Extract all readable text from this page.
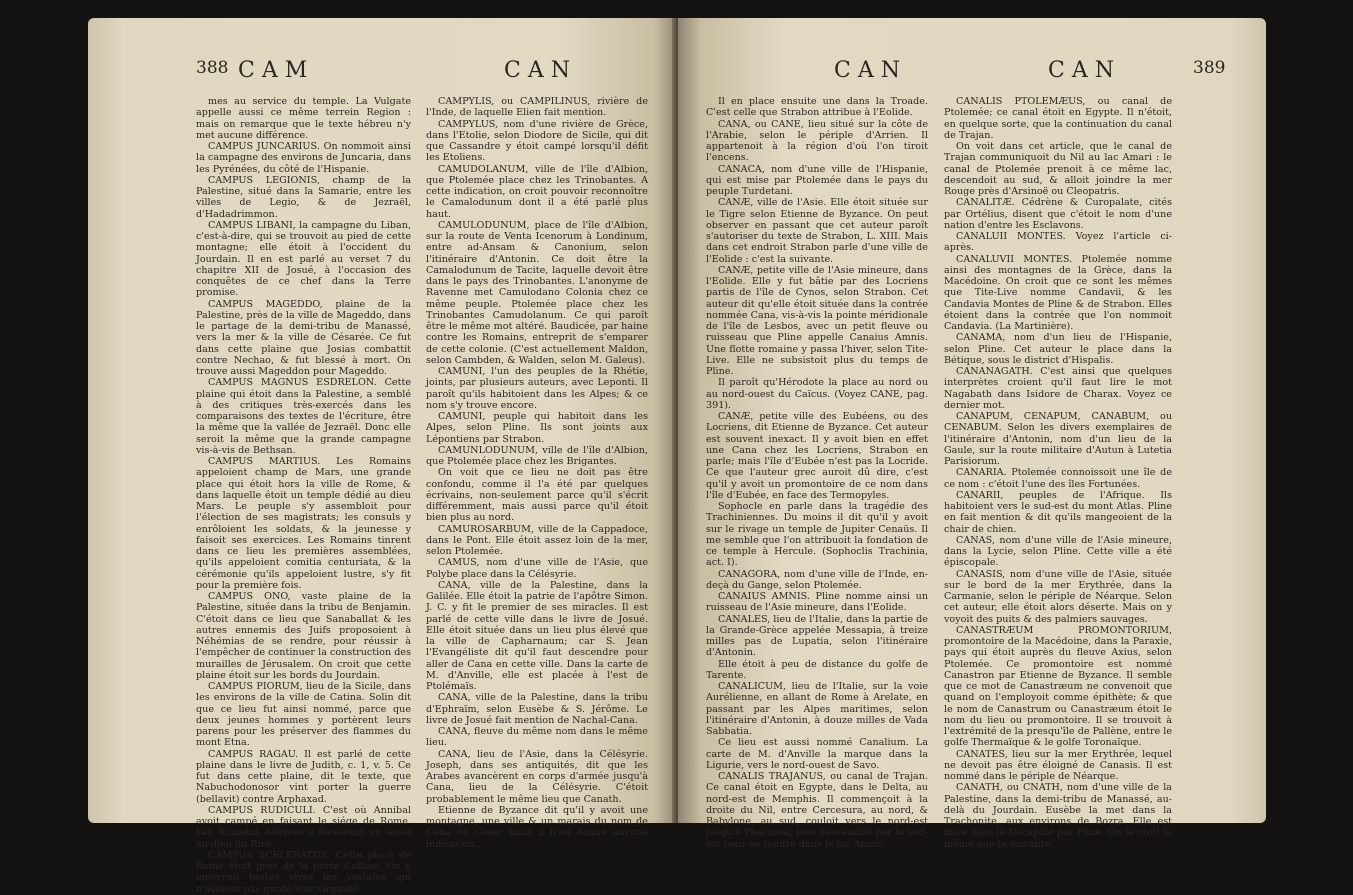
388 CAM	CAN

mes au service du temple. La Vulgate appelle aussi ce même terrein Region : mais on remarque que le texte hébreu n'y met aucune différence.

CAMPUS JUNCARIUS. On nommoit ainsi la campagne des environs de Juncaria, dans les Pyrénées, du côté de l'Hispanie.

CAMPUS LEGIONIS, champ de la Palestine, situé dans la Samarie, entre les villes de Legio, & de Jezraël, d'Hadadrimmon.

CAMPUS LIBANI, la campagne du Liban, c'est-à-dire, qui se trouvoit au pied de cette montagne; elle étoit à l'occident du Jourdain. Il en est parlé au verset 7 du chapitre XII de Josué, à l'occasion des conquêtes de ce chef dans la Terre promise.

CAMPUS MAGEDDO, plaine de la Palestine, près de la ville de Mageddo, dans le partage de la demi-tribu de Manassé, vers la mer & la ville de Césarée. Ce fut dans cette plaine que Josias combattit contre Nechao, & fut blessé à mort. On trouve aussi Mageddon pour Mageddo.

CAMPUS MAGNUS ESDRELON. Cette plaine qui étoit dans la Palestine, a semblé à des critiques très-exercés dans les comparaisons des textes de l'écriture, être la même que la vallée de Jezraël. Donc elle seroit la même que la grande campagne vis-à-vis de Bethsan.

CAMPUS MARTIUS. Les Romains appeloient champ de Mars, une grande place qui étoit hors la ville de Rome, & dans laquelle étoit un temple dédié au dieu Mars. Le peuple s'y assembloit pour l'élection de ses magistrats; les consuls y enrôloient les soldats, & la jeunesse y faisoit ses exercices. Les Romains tinrent dans ce lieu les premières assemblées, qu'ils appeloient comitia centuriata, & la cérémonie qu'ils appeloient lustre, s'y fit pour la première fois.

CAMPUS ONO, vaste plaine de la Palestine, située dans la tribu de Benjamin. C'étoit dans ce lieu que Sanaballat & les autres ennemis des Juifs proposoient à Néhémias de se rendre, pour réussir à l'empêcher de continuer la construction des murailles de Jérusalem. On croit que cette plaine étoit sur les bords du Jourdain.

CAMPUS PIORUM, lieu de la Sicile, dans les environs de la ville de Catina. Solin dit que ce lieu fut ainsi nommé, parce que deux jeunes hommes y portèrent leurs parens pour les préserver des flammes du mont Etna.

CAMPUS RAGAU. Il est parlé de cette plaine dans le livre de Judith, c. 1, v. 5. Ce fut dans cette plaine, dit le texte, que Nabuchodonosor vint porter la guerre (bellavit) contre Arphaxad.

CAMPUS RUDICULI. C'est où Annibal avoit campé en faisant le siége de Rome. Les Romains délivrés y élevèrent un autel au dieu du Rire.

CAMPUS SCELERATUS. Cette place de Rome étoit près de la porte Colline. On y enterroit toutes vives les vestales qui n'avoient pas gardé leur virginité.

CAMPYLIS, ou CAMPILINUS, rivière de l'Inde, de laquelle Elien fait mention.

CAMPYLUS, nom d'une rivière de Grèce, dans l'Etolie, selon Diodore de Sicile, qui dit que Cassandre y étoit campé lorsqu'il défit les Etoliens.

CAMUDOLANUM, ville de l'île d'Albion, que Ptolemée place chez les Trinobantes. A cette indication, on croit pouvoir reconnoître le Camalodunum dont il a été parlé plus haut.

CAMULODUNUM, place de l'île d'Albion, sur la route de Venta Icenorum à Londinum, entre ad-Ansam & Canonium, selon l'itinéraire d'Antonin. Ce doit être la Camalodunum de Tacite, laquelle devoit être dans le pays des Trinobantes. L'anonyme de Ravenne met Camulodano Colonia chez ce même peuple. Ptolemée place chez les Trinobantes Camudolanum. Ce qui paroît être le même mot altéré. Baudicée, par haine contre les Romains, entreprit de s'emparer de cette colonie. (C'est actuellement Maldon, selon Cambden, & Walden, selon M. Galeus).

CAMUNI, l'un des peuples de la Rhétie, joints, par plusieurs auteurs, avec Leponti. Il paroît qu'ils habitoient dans les Alpes; & ce nom s'y trouve encore.

CAMUNI, peuple qui habitoit dans les Alpes, selon Pline. Ils sont joints aux Lépontiens par Strabon.

CAMUNLODUNUM, ville de l'île d'Albion, que Ptolemée place chez les Brigantes.

On voit que ce lieu ne doit pas être confondu, comme il l'a été par quelques écrivains, non-seulement parce qu'il s'écrit différemment, mais aussi parce qu'il étoit bien plus au nord.

CAMUROSARBUM, ville de la Cappadoce, dans le Pont. Elle étoit assez loin de la mer, selon Ptolemée.

CAMUS, nom d'une ville de l'Asie, que Polybe place dans la Célésyrie.

CANA, ville de la Palestine, dans la Galilée. Elle étoit la patrie de l'apôtre Simon. J. C. y fit le premier de ses miracles. Il est parlé de cette ville dans le livre de Josué. Elle étoit située dans un lieu plus élevé que la ville de Capharnaum; car S. Jean l'Evangéliste dit qu'il faut descendre pour aller de Cana en cette ville. Dans la carte de M. d'Anville, elle est placée à l'est de Ptolémaïs.

CANA, ville de la Palestine, dans la tribu d'Ephraïm, selon Eusèbe & S. Jérôme. Le livre de Josué fait mention de Nachal-Cana.

CANA, fleuve du même nom dans le même lieu.

CANA, lieu de l'Asie, dans la Célésyrie. Joseph, dans ses antiquités, dit que les Arabes avancèrent en corps d'armée jusqu'à Cana, lieu de la Célésyrie. C'étoit probablement le même lieu que Canath.

Etienne de Byzance dit qu'il y avoit une montagne, une ville & un marais du nom de Cana ou Cane; mais il n'en donne aucune indication.

CAN	CAN	389

Il en place ensuite une dans la Troade. C'est celle que Strabon attribue à l'Eolide.

CANA, ou CANE, lieu situé sur la côte de l'Arabie, selon le périple d'Arrien. Il appartenoit à la région d'où l'on tiroit l'encens.

CANACA, nom d'une ville de l'Hispanie, qui est mise par Ptolemée dans le pays du peuple Turdetani.

CANÆ, ville de l'Asie. Elle étoit située sur le Tigre selon Etienne de Byzance. On peut observer en passant que cet auteur paroît s'autoriser du texte de Strabon, L. XIII. Mais dans cet endroit Strabon parle d'une ville de l'Eolide : c'est la suivante.

CANÆ, petite ville de l'Asie mineure, dans l'Eolide. Elle y fut bâtie par des Locriens partis de l'île de Cynos, selon Strabon. Cet auteur dit qu'elle étoit située dans la contrée nommée Cana, vis-à-vis la pointe méridionale de l'île de Lesbos, avec un petit fleuve ou ruisseau que Pline appelle Canaius Amnis. Une flotte romaine y passa l'hiver, selon Tite-Live. Elle ne subsistoit plus du temps de Pline.

Il paroît qu'Hérodote la place au nord ou au nord-ouest du Caïcus. (Voyez CANE, pag. 391).

CANÆ, petite ville des Eubéens, ou des Locriens, dit Etienne de Byzance. Cet auteur est souvent inexact. Il y avoit bien en effet une Cana chez les Locriens, Strabon en parle; mais l'île d'Eubée n'est pas la Locride. Ce que l'auteur grec auroit dû dire, c'est qu'il y avoit un promontoire de ce nom dans l'île d'Eubée, en face des Termopyles.

Sophocle en parle dans la tragédie des Trachiniennes. Du moins il dit qu'il y avoit sur le rivage un temple de Jupiter Cenaüs. Il me semble que l'on attribuoit la fondation de ce temple à Hercule. (Sophoclis Trachinia, act. I).

CANAGORA, nom d'une ville de l'Inde, en-deçà du Gange, selon Ptolemée.

CANAIUS AMNIS. Pline nomme ainsi un ruisseau de l'Asie mineure, dans l'Eolide.

CANALES, lieu de l'Italie, dans la partie de la Grande-Grèce appelée Messapia, à treize milles pas de Lupatia, selon l'itinéraire d'Antonin.

Elle étoit à peu de distance du golfe de Tarente.

CANALICUM, lieu de l'Italie, sur la voie Aurélienne, en allant de Rome à Arelate, en passant par les Alpes maritimes, selon l'itinéraire d'Antonin, à douze milles de Vada Sabbatia.

Ce lieu est aussi nommé Canalium. La carte de M. d'Anville la marque dans la Ligurie, vers le nord-ouest de Savo.

CANALIS TRAJANUS, ou canal de Trajan. Ce canal étoit en Egypte, dans le Delta, au nord-est de Memphis. Il commençoit à la droite du Nil, entre Cercesura, au nord, & Babylone, au sud, couloit vers le nord-est jusqu'à Phacussa, puis descendoit par le sud-est pour se rendre dans le lac Amari.

CANALIS PTOLEMÆUS, ou canal de Ptolemée; ce canal étoit en Egypte. Il n'étoit, en quelque sorte, que la continuation du canal de Trajan.

On voit dans cet article, que le canal de Trajan communiquoit du Nil au lac Amari : le canal de Ptolemée prenoit à ce même lac, descendoit au sud, & alloit joindre la mer Rouge près d'Arsinoë ou Cleopatris.

CANALITÆ. Cédrène & Curopalate, cités par Ortélius, disent que c'étoit le nom d'une nation d'entre les Esclavons.

CANALUII MONTES. Voyez l'article ci-après.

CANALUVII MONTES. Ptolemée nomme ainsi des montagnes de la Grèce, dans la Macédoine. On croit que ce sont les mêmes que Tite-Live nomme Candavii, & les Candavia Montes de Pline & de Strabon. Elles étoient dans la contrée que l'on nommoit Candavia. (La Martinière).

CANAMA, nom d'un lieu de l'Hispanie, selon Pline. Cet auteur le place dans la Bétique, sous le district d'Hispalis.

CANANAGATH. C'est ainsi que quelques interprètes croient qu'il faut lire le mot Nagabath dans Isidore de Charax. Voyez ce dernier mot.

CANAPUM, CENAPUM, CANABUM, ou CENABUM. Selon les divers exemplaires de l'itinéraire d'Antonin, nom d'un lieu de la Gaule, sur la route militaire d'Autun à Lutetia Parisiorum.

CANARIA. Ptolemée connoissoit une île de ce nom : c'étoit l'une des îles Fortunées.

CANARII, peuples de l'Afrique. Ils habitoient vers le sud-est du mont Atlas. Pline en fait mention & dit qu'ils mangeoient de la chair de chien.

CANAS, nom d'une ville de l'Asie mineure, dans la Lycie, selon Pline. Cette ville a été épiscopale.

CANASIS, nom d'une ville de l'Asie, située sur le bord de la mer Erythrée, dans la Carmanie, selon le périple de Néarque. Selon cet auteur, elle étoit alors déserte. Mais on y voyoit des puits & des palmiers sauvages.

CANASTRÆUM PROMONTORIUM, promontoire de la Macédoine, dans la Paraxie, pays qui étoit auprès du fleuve Axius, selon Ptolemée. Ce promontoire est nommé Canastron par Etienne de Byzance. Il semble que ce mot de Canastræum ne convenoit que quand on l'employoit comme épithète; & que le nom de Canastrum ou Canastræum étoit le nom du lieu ou promontoire. Il se trouvoit à l'extrémité de la presqu'île de Pallène, entre le golfe Thermaïque & le golfe Toronaïque.

CANATES, lieu sur la mer Erythrée, lequel ne devoit pas être éloigné de Canasis. Il est nommé dans le périple de Néarque.

CANATH, ou CNATH, nom d'une ville de la Palestine, dans la demi-tribu de Manassé, au-delà du Jourdain. Eusèbe la met dans la Trachonite, aux environs de Bozra. Elle est mise dans la Décapole par Pline. On la croit la même que la suivante.
